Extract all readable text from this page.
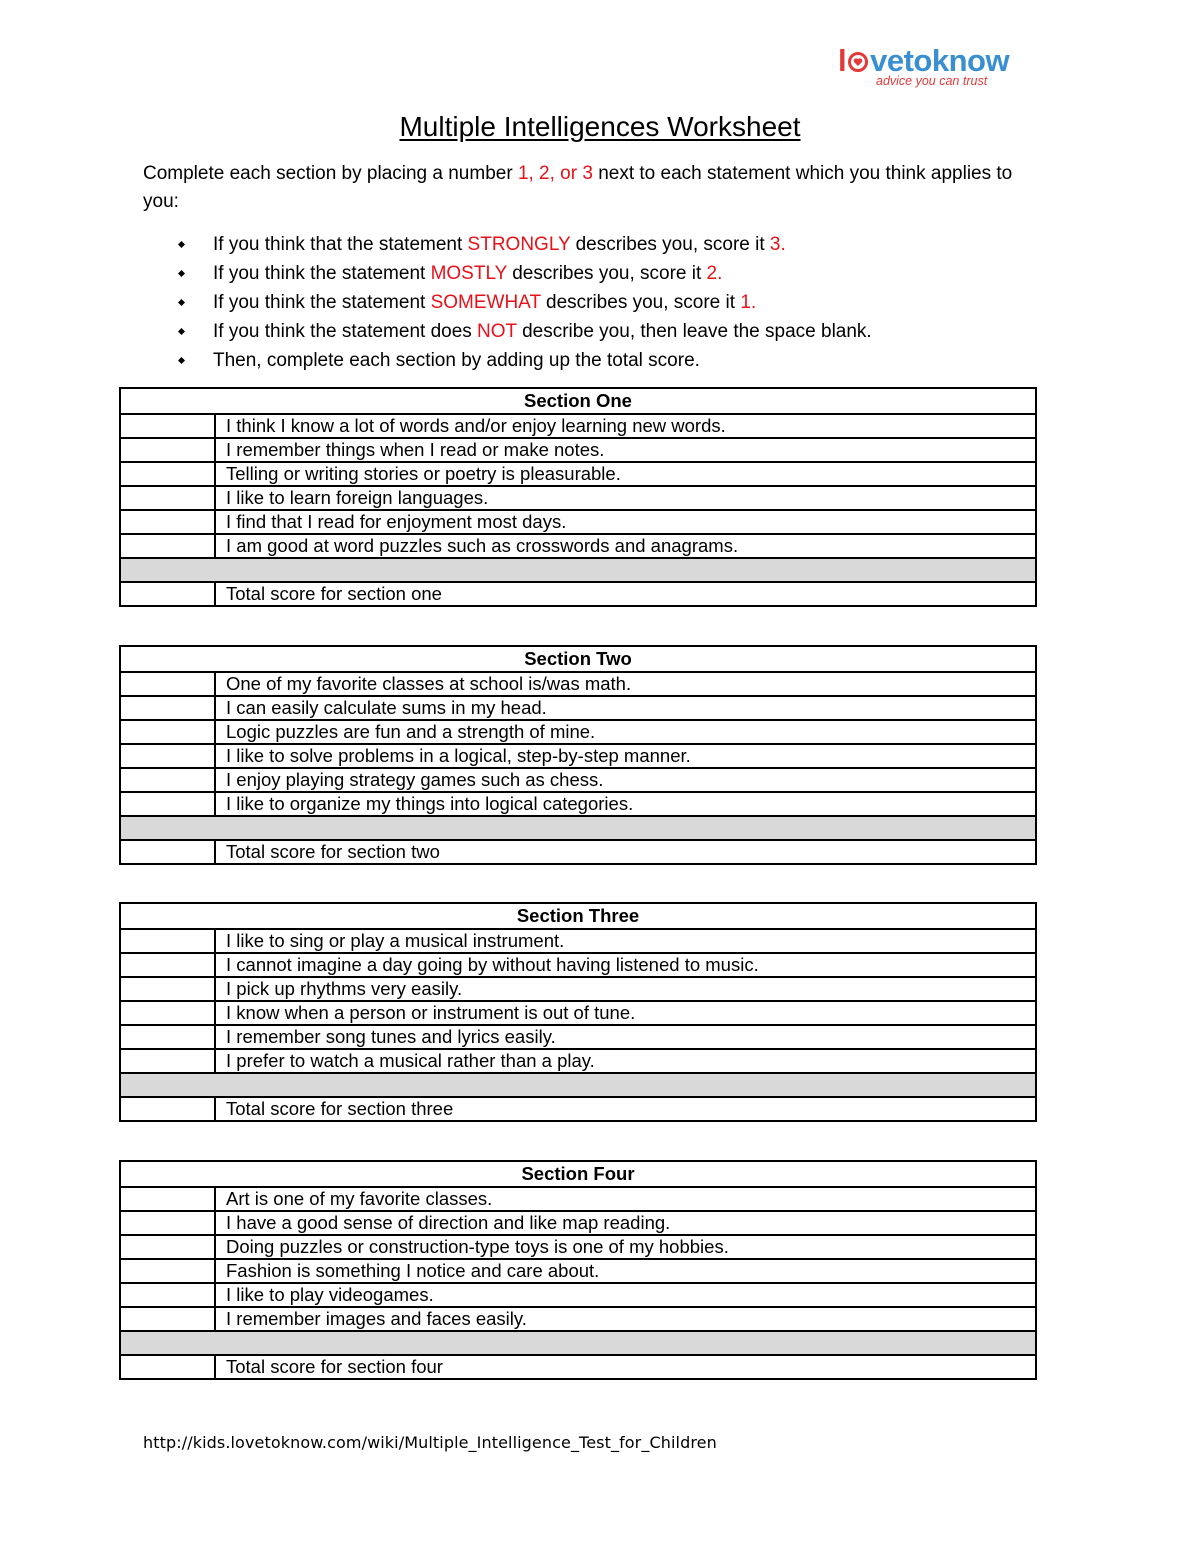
l vetoknow
advice you can trust
Multiple Intelligences Worksheet
Complete each section by placing a number 1, 2, or 3 next to each statement which you think applies to you:
If you think that the statement STRONGLY describes you, score it 3.
If you think the statement MOSTLY describes you, score it 2.
If you think the statement SOMEWHAT describes you, score it 1.
If you think the statement does NOT describe you, then leave the space blank.
Then, complete each section by adding up the total score.
Section One	
	I think I know a lot of words and/or enjoy learning new words.
	I remember things when I read or make notes.
	Telling or writing stories or poetry is pleasurable.
	I like to learn foreign languages.
	I find that I read for enjoyment most days.
	I am good at word puzzles such as crosswords and anagrams.

	Total score for section one
Section Two	
	One of my favorite classes at school is/was math.
	I can easily calculate sums in my head.
	Logic puzzles are fun and a strength of mine.
	I like to solve problems in a logical, step-by-step manner.
	I enjoy playing strategy games such as chess.
	I like to organize my things into logical categories.

	Total score for section two
Section Three	
	I like to sing or play a musical instrument.
	I cannot imagine a day going by without having listened to music.
	I pick up rhythms very easily.
	I know when a person or instrument is out of tune.
	I remember song tunes and lyrics easily.
	I prefer to watch a musical rather than a play.

	Total score for section three
Section Four	
	Art is one of my favorite classes.
	I have a good sense of direction and like map reading.
	Doing puzzles or construction-type toys is one of my hobbies.
	Fashion is something I notice and care about.
	I like to play videogames.
	I remember images and faces easily.

	Total score for section four
http://kids.lovetoknow.com/wiki/Multiple_Intelligence_Test_for_Children
